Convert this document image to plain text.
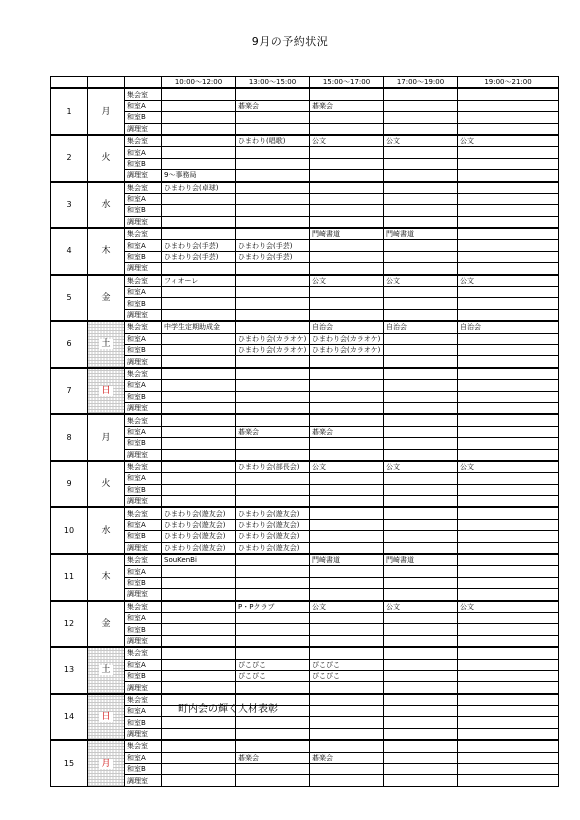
9月の予約状況
			10:00～12:00	13:00～15:00	15:00～17:00	17:00～19:00	19:00～21:00
1	月	集会室					
		和室A		碁楽会	碁楽会		
		和室B					
		調理室					
2	火	集会室		ひまわり(唱歌)	公文	公文	公文
		和室A					
		和室B					
		調理室	9～事務局				
3	水	集会室	ひまわり会(卓球)				
		和室A					
		和室B					
		調理室					
4	木	集会室			門崎書道	門崎書道	
		和室A	ひまわり会(手芸)	ひまわり会(手芸)			
		和室B	ひまわり会(手芸)	ひまわり会(手芸)			
		調理室					
5	金	集会室	フィオーレ		公文	公文	公文
		和室A					
		和室B					
		調理室					
6	土	集会室	中学生定期助成金		自治会	自治会	自治会
		和室A		ひまわり会(カラオケ)	ひまわり会(カラオケ)		
		和室B		ひまわり会(カラオケ)	ひまわり会(カラオケ)		
		調理室					
7	日	集会室					
		和室A					
		和室B					
		調理室					
8	月	集会室					
		和室A		碁楽会	碁楽会		
		和室B					
		調理室					
9	火	集会室		ひまわり会(部長会)	公文	公文	公文
		和室A					
		和室B					
		調理室					
10	水	集会室	ひまわり会(遊友会)	ひまわり会(遊友会)			
		和室A	ひまわり会(遊友会)	ひまわり会(遊友会)			
		和室B	ひまわり会(遊友会)	ひまわり会(遊友会)			
		調理室	ひまわり会(遊友会)	ひまわり会(遊友会)			
11	木	集会室	SouKenBi		門崎書道	門崎書道	
		和室A					
		和室B					
		調理室					
12	金	集会室		P・Pクラブ	公文	公文	公文
		和室A					
		和室B					
		調理室					
13	土	集会室					
		和室A		ぴこぴこ	ぴこぴこ		
		和室B		ぴこぴこ	ぴこぴこ		
		調理室					
14	日	集会室					
		和室A					
		和室B					
		調理室					
15	月	集会室					
		和室A		碁楽会	碁楽会		
		和室B					
		調理室					
町内会の輝く人材表彰
